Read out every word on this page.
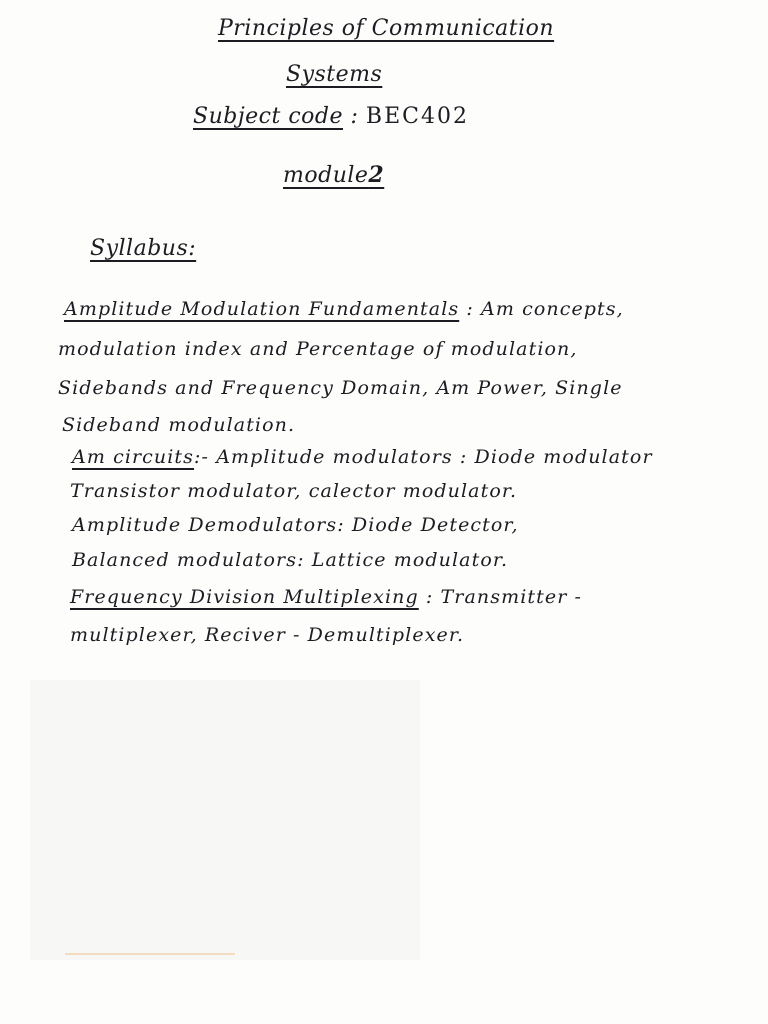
Principles of Communication
Systems
Subject code : BEC402
module2
Syllabus:
Amplitude Modulation Fundamentals : Am concepts,
modulation index and Percentage of modulation,
Sidebands and Frequency Domain, Am Power, Single
Sideband modulation.
Am circuits:- Amplitude modulators : Diode modulator
Transistor modulator, calector modulator.
Amplitude Demodulators: Diode Detector,
Balanced modulators: Lattice modulator.
Frequency Division Multiplexing : Transmitter -
multiplexer, Reciver - Demultiplexer.
